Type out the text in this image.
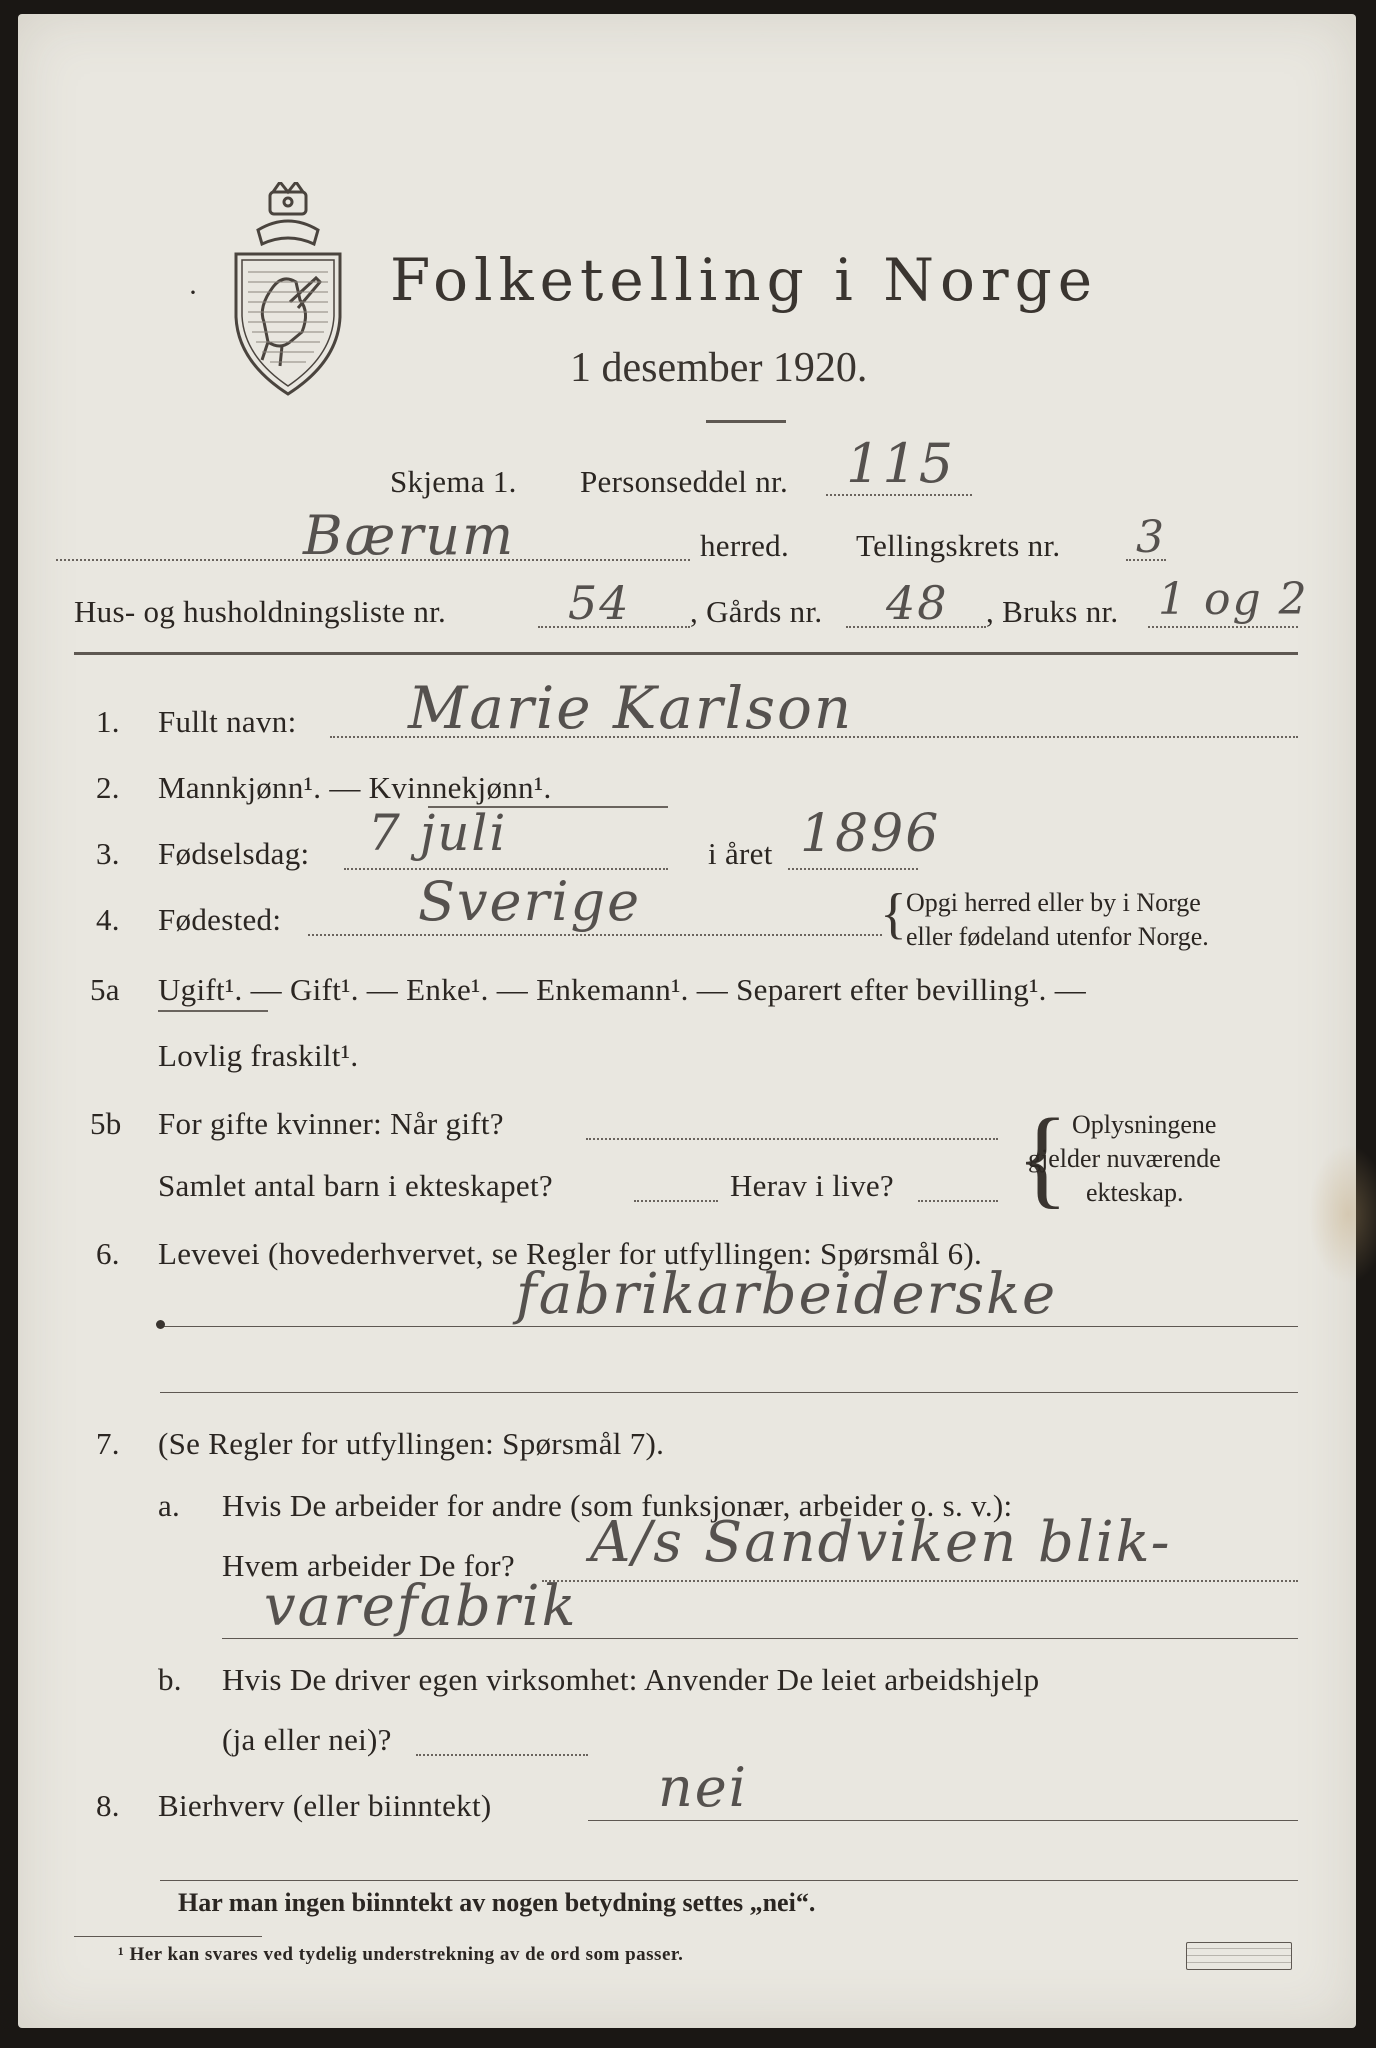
·	Folketelling i Norge
1 desember 1920.
Skjema 1. Personseddel nr. 115
Bærum	herred. Tellingskrets nr. 3
Hus- og husholdningsliste nr.	54 , Gårds nr. 48 , Bruks nr. 1 og 2
1. Fullt navn: Marie Karlson
2. Mannkjønn¹. — Kvinnekjønn¹.
3. Fødselsdag: 7 juli	i året 1896
4. Fødested:	Sverige	{ Opgi herred eller by i Norge
eller fødeland utenfor Norge.
5a Ugift¹. — Gift¹. — Enke¹. — Enkemann¹. — Separert efter bevilling¹. —
Lovlig fraskilt¹.
5b For gifte kvinner: Når gift?
Samlet antal barn i ekteskapet?	Herav i live? { Oplysningene
gjelder nuværende
ekteskap.
6. Levevei (hovederhvervet, se Regler for utfyllingen: Spørsmål 6).
fabrikarbeiderske
7. (Se Regler for utfyllingen: Spørsmål 7).
a. Hvis De arbeider for andre (som funksjonær, arbeider o. s. v.):
Hvem arbeider De for? A/s Sandviken blik-
varefabrik
b. Hvis De driver egen virksomhet: Anvender De leiet arbeidshjelp
(ja eller nei)?
8. Bierhverv (eller biinntekt)	nei
Har man ingen biinntekt av nogen betydning settes „nei“.
¹ Her kan svares ved tydelig understrekning av de ord som passer.
